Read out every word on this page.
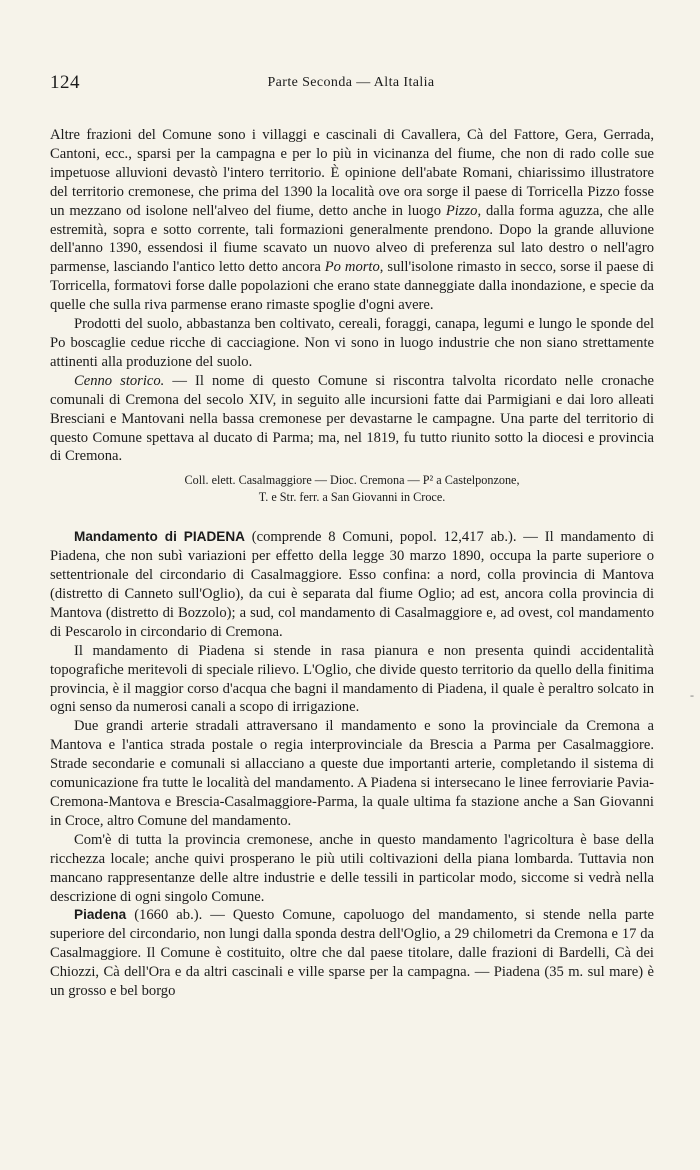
124	Parte Seconda — Alta Italia

Altre frazioni del Comune sono i villaggi e cascinali di Cavallera, Cà del Fattore, Gera, Gerrada, Cantoni, ecc., sparsi per la campagna e per lo più in vicinanza del fiume, che non di rado colle sue impetuose alluvioni devastò l'intero territorio. È opinione dell'abate Romani, chiarissimo illustratore del territorio cremonese, che prima del 1390 la località ove ora sorge il paese di Torricella Pizzo fosse un mezzano od isolone nell'alveo del fiume, detto anche in luogo Pizzo, dalla forma aguzza, che alle estremità, sopra e sotto corrente, tali formazioni generalmente prendono. Dopo la grande alluvione dell'anno 1390, essendosi il fiume scavato un nuovo alveo di preferenza sul lato destro o nell'agro parmense, lasciando l'antico letto detto ancora Po morto, sull'isolone rimasto in secco, sorse il paese di Torricella, formatovi forse dalle popolazioni che erano state danneggiate dalla inondazione, e specie da quelle che sulla riva parmense erano rimaste spoglie d'ogni avere.

Prodotti del suolo, abbastanza ben coltivato, cereali, foraggi, canapa, legumi e lungo le sponde del Po boscaglie cedue ricche di cacciagione. Non vi sono in luogo industrie che non siano strettamente attinenti alla produzione del suolo.

Cenno storico. — Il nome di questo Comune si riscontra talvolta ricordato nelle cronache comunali di Cremona del secolo XIV, in seguito alle incursioni fatte dai Parmigiani e dai loro alleati Bresciani e Mantovani nella bassa cremonese per devastarne le campagne. Una parte del territorio di questo Comune spettava al ducato di Parma; ma, nel 1819, fu tutto riunito sotto la diocesi e provincia di Cremona.

Coll. elett. Casalmaggiore — Dioc. Cremona — P² a Castelponzone,
T. e Str. ferr. a San Giovanni in Croce.

Mandamento di PIADENA (comprende 8 Comuni, popol. 12,417 ab.). — Il mandamento di Piadena, che non subì variazioni per effetto della legge 30 marzo 1890, occupa la parte superiore o settentrionale del circondario di Casalmaggiore. Esso confina: a nord, colla provincia di Mantova (distretto di Canneto sull'Oglio), da cui è separata dal fiume Oglio; ad est, ancora colla provincia di Mantova (distretto di Bozzolo); a sud, col mandamento di Casalmaggiore e, ad ovest, col mandamento di Pescarolo in circondario di Cremona.

Il mandamento di Piadena si stende in rasa pianura e non presenta quindi accidentalità topografiche meritevoli di speciale rilievo. L'Oglio, che divide questo territorio da quello della finitima provincia, è il maggior corso d'acqua che bagni il mandamento di Piadena, il quale è peraltro solcato in ogni senso da numerosi canali a scopo di irrigazione.

Due grandi arterie stradali attraversano il mandamento e sono la provinciale da Cremona a Mantova e l'antica strada postale o regia interprovinciale da Brescia a Parma per Casalmaggiore. Strade secondarie e comunali si allacciano a queste due importanti arterie, completando il sistema di comunicazione fra tutte le località del mandamento. A Piadena si intersecano le linee ferroviarie Pavia-Cremona-Mantova e Brescia-Casalmaggiore-Parma, la quale ultima fa stazione anche a San Giovanni in Croce, altro Comune del mandamento.

Com'è di tutta la provincia cremonese, anche in questo mandamento l'agricoltura è base della ricchezza locale; anche quivi prosperano le più utili coltivazioni della piana lombarda. Tuttavia non mancano rappresentanze delle altre industrie e delle tessili in particolar modo, siccome si vedrà nella descrizione di ogni singolo Comune.

Piadena (1660 ab.). — Questo Comune, capoluogo del mandamento, si stende nella parte superiore del circondario, non lungi dalla sponda destra dell'Oglio, a 29 chilometri da Cremona e 17 da Casalmaggiore. Il Comune è costituito, oltre che dal paese titolare, dalle frazioni di Bardelli, Cà dei Chiozzi, Cà dell'Ora e da altri cascinali e ville sparse per la campagna. — Piadena (35 m. sul mare) è un grosso e bel borgo

-
